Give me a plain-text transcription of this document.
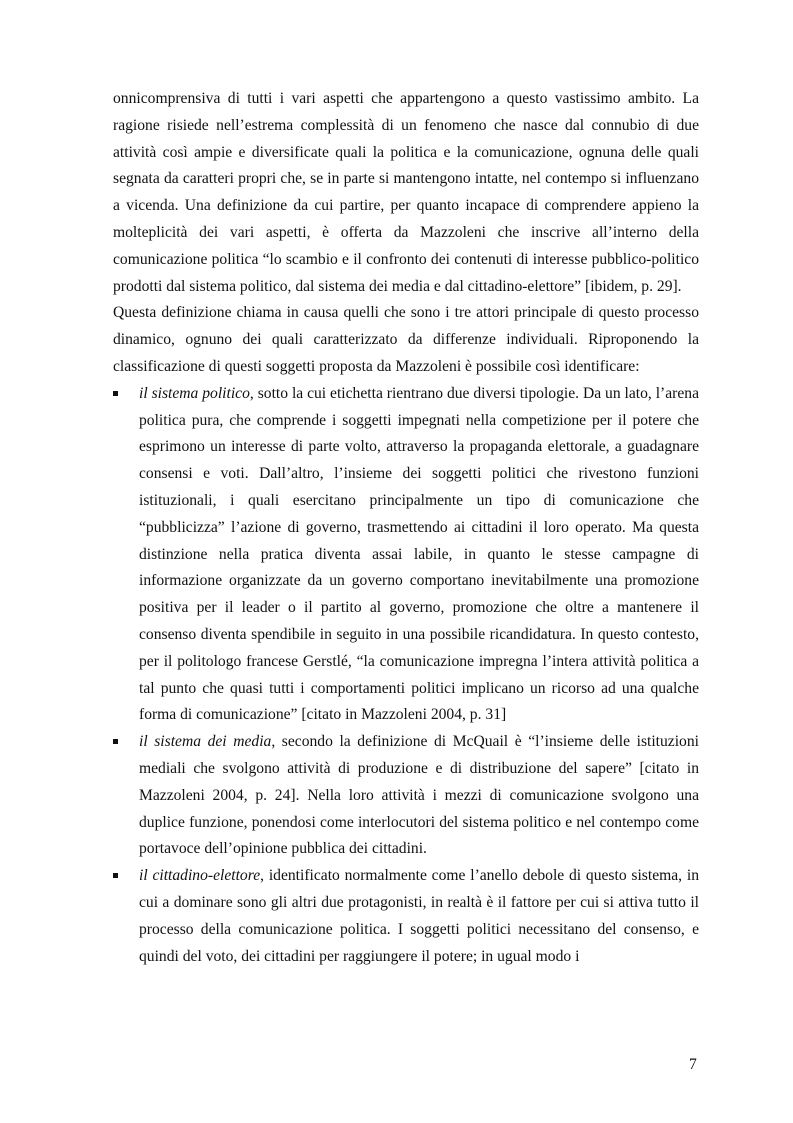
onnicomprensiva di tutti i vari aspetti che appartengono a questo vastissimo ambito. La ragione risiede nell’estrema complessità di un fenomeno che nasce dal connubio di due attività così ampie e diversificate quali la politica e la comunicazione, ognuna delle quali segnata da caratteri propri che, se in parte si mantengono intatte, nel contempo si influenzano a vicenda. Una definizione da cui partire, per quanto incapace di comprendere appieno la molteplicità dei vari aspetti, è offerta da Mazzoleni che inscrive all’interno della comunicazione politica “lo scambio e il confronto dei contenuti di interesse pubblico-politico prodotti dal sistema politico, dal sistema dei media e dal cittadino-elettore” [ibidem, p. 29].

Questa definizione chiama in causa quelli che sono i tre attori principale di questo processo dinamico, ognuno dei quali caratterizzato da differenze individuali. Riproponendo la classificazione di questi soggetti proposta da Mazzoleni è possibile così identificare:

il sistema politico, sotto la cui etichetta rientrano due diversi tipologie. Da un lato, l’arena politica pura, che comprende i soggetti impegnati nella competizione per il potere che esprimono un interesse di parte volto, attraverso la propaganda elettorale, a guadagnare consensi e voti. Dall’altro, l’insieme dei soggetti politici che rivestono funzioni istituzionali, i quali esercitano principalmente un tipo di comunicazione che “pubblicizza” l’azione di governo, trasmettendo ai cittadini il loro operato. Ma questa distinzione nella pratica diventa assai labile, in quanto le stesse campagne di informazione organizzate da un governo comportano inevitabilmente una promozione positiva per il leader o il partito al governo, promozione che oltre a mantenere il consenso diventa spendibile in seguito in una possibile ricandidatura. In questo contesto, per il politologo francese Gerstlé, “la comunicazione impregna l’intera attività politica a tal punto che quasi tutti i comportamenti politici implicano un ricorso ad una qualche forma di comunicazione” [citato in Mazzoleni 2004, p. 31]
il sistema dei media, secondo la definizione di McQuail è “l’insieme delle istituzioni mediali che svolgono attività di produzione e di distribuzione del sapere” [citato in Mazzoleni 2004, p. 24]. Nella loro attività i mezzi di comunicazione svolgono una duplice funzione, ponendosi come interlocutori del sistema politico e nel contempo come portavoce dell’opinione pubblica dei cittadini.
il cittadino-elettore, identificato normalmente come l’anello debole di questo sistema, in cui a dominare sono gli altri due protagonisti, in realtà è il fattore per cui si attiva tutto il processo della comunicazione politica. I soggetti politici necessitano del consenso, e quindi del voto, dei cittadini per raggiungere il potere; in ugual modo i
7
